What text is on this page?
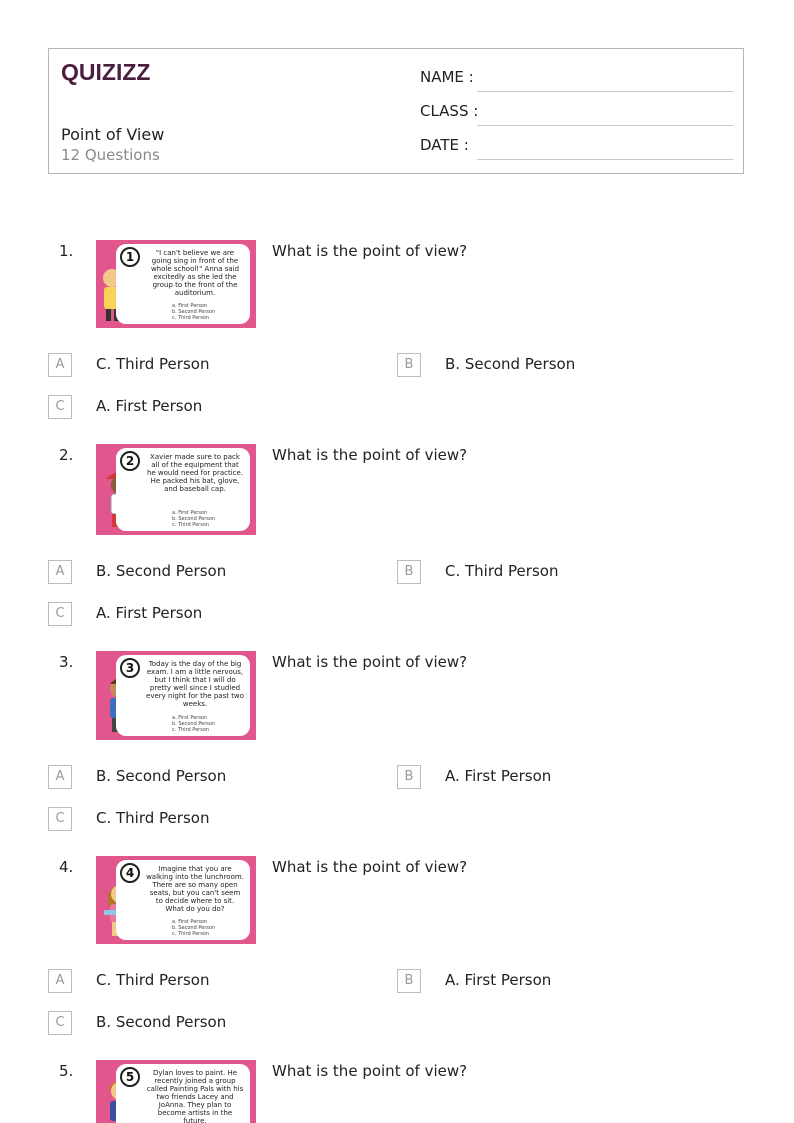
QUIZIZZ
Point of View
12 Questions
NAME :
CLASS :
DATE :
1.	1	"I can't believe we are going sing in front of the whole school!" Anna said excitedly as she led the group to the front of the auditorium.
a. First Person
b. Second Person
c. Third Person
What is the point of view?
A	C. Third Person	B	B. Second Person
C	A. First Person
2.	2	Xavier made sure to pack all of the equipment that he would need for practice. He packed his bat, glove, and baseball cap.
a. First Person
b. Second Person
c. Third Person
What is the point of view?
A	B. Second Person	B	C. Third Person
C	A. First Person
3.	3	Today is the day of the big exam. I am a little nervous, but I think that I will do pretty well since I studied every night for the past two weeks.
a. First Person
b. Second Person
c. Third Person
What is the point of view?
A	B. Second Person	B	A. First Person
C	C. Third Person
4.	4	Imagine that you are walking into the lunchroom. There are so many open seats, but you can't seem to decide where to sit. What do you do?
a. First Person
b. Second Person
c. Third Person
What is the point of view?
A	C. Third Person	B	A. First Person
C	B. Second Person
5.	5	Dylan loves to paint. He recently joined a group called Painting Pals with his two friends Lacey and JoAnna. They plan to become artists in the future.
What is the point of view?
